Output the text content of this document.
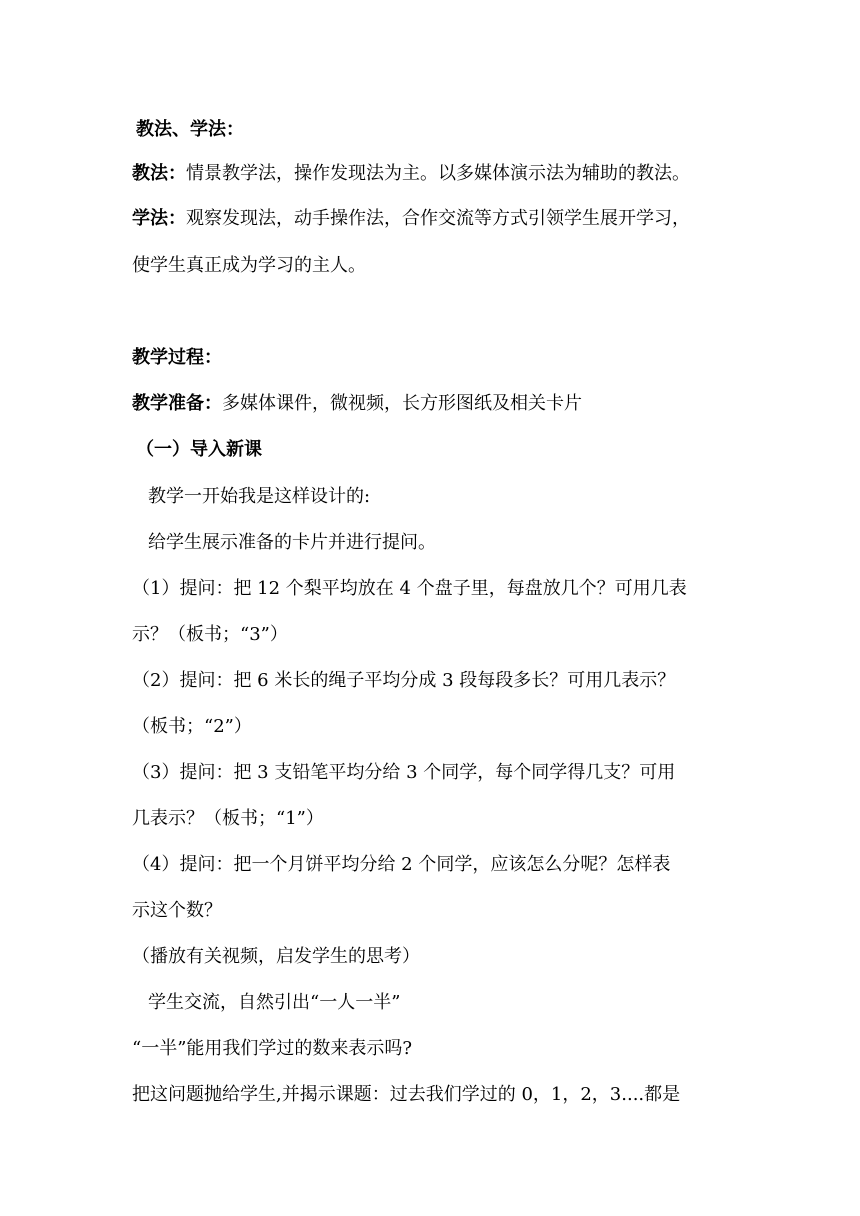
教法、学法：
教法：情景教学法，操作发现法为主。以多媒体演示法为辅助的教法。
学法：观察发现法，动手操作法，合作交流等方式引领学生展开学习，
使学生真正成为学习的主人。
教学过程：
教学准备：多媒体课件，微视频，长方形图纸及相关卡片
（一）导入新课
教学一开始我是这样设计的:
给学生展示准备的卡片并进行提问。
（1）提问：把 12 个梨平均放在 4 个盘子里，每盘放几个？可用几表
示？（板书；“3”）
（2）提问：把 6 米长的绳子平均分成 3 段每段多长？可用几表示？
（板书；“2”）
（3）提问：把 3 支铅笔平均分给 3 个同学，每个同学得几支？可用
几表示？（板书；“1”）
（4）提问：把一个月饼平均分给 2 个同学，应该怎么分呢？怎样表
示这个数？
（播放有关视频，启发学生的思考）
学生交流，自然引出“一人一半”
“一半”能用我们学过的数来表示吗?
把这问题抛给学生,并揭示课题：过去我们学过的 0，1，2，3....都是
